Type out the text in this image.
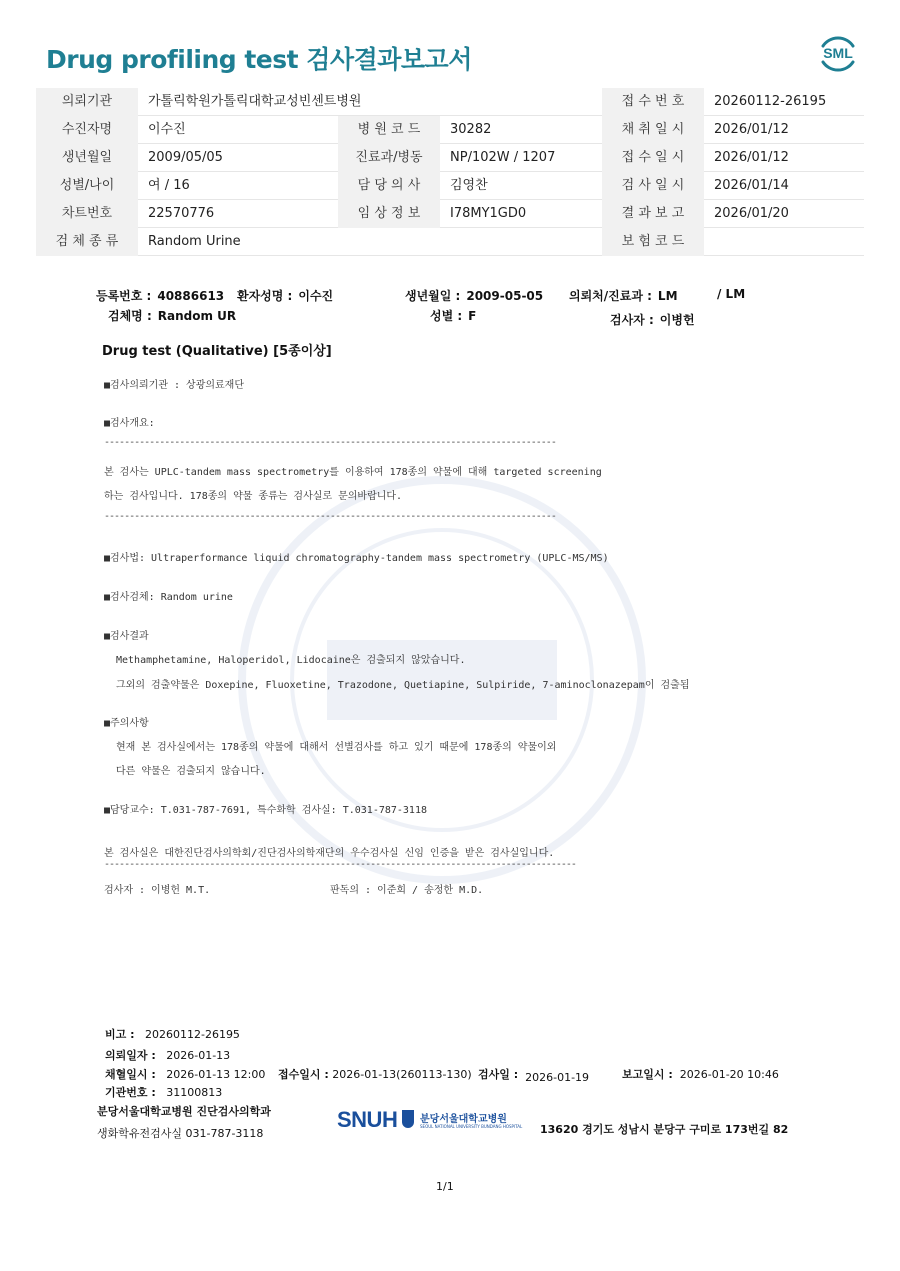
Drug profiling test 검사결과보고서	SML
의뢰기관	가톨릭학원가톨릭대학교성빈센트병원	접 수 번 호	20260112-26195
수진자명	이수진	병 원 코 드	30282	채 취 일 시	2026/01/12
생년월일	2009/05/05	진료과/병동	NP/102W / 1207	접 수 일 시	2026/01/12
성별/나이	여 / 16	담 당 의 사	김영찬	검 사 일 시	2026/01/14
차트번호	22570776	임 상 정 보	I78MY1GD0	결 과 보 고	2026/01/20
검 체 종 류	Random Urine	보 험 코 드
등록번호 : 40886613 환자성명 : 이수진	생년월일 : 2009-05-05 의뢰처/진료과 : LM	/ LM
검체명 : Random UR	성별 : F	검사자 : 이병헌
Drug test (Qualitative) [5종이상]
■검사의뢰기관 : 상광의료재단
■검사개요:
------------------------------------------------------------------------------------------
본 검사는 UPLC-tandem mass spectrometry를 이용하여 178종의 약물에 대해 targeted screening
하는 검사입니다. 178종의 약물 종류는 검사실로 문의바랍니다.
------------------------------------------------------------------------------------------
■검사법: Ultraperformance liquid chromatography-tandem mass spectrometry (UPLC-MS/MS)
■검사검체: Random urine
■검사결과
Methamphetamine, Haloperidol, Lidocaine은 검출되지 않았습니다.
그외의 검출약물은 Doxepine, Fluoxetine, Trazodone, Quetiapine, Sulpiride, 7-aminoclonazepam이 검출됨
■주의사항
현재 본 검사실에서는 178종의 약물에 대해서 선별검사를 하고 있기 때문에 178종의 약물이외
다른 약물은 검출되지 않습니다.
■담당교수: T.031-787-7691, 특수화학 검사실: T.031-787-3118
본 검사실은 대한진단검사의학회/진단검사의학재단의 우수검사실 신임 인증을 받은 검사실입니다.
----------------------------------------------------------------------------------------------
검사자 : 이병헌 M.T.	판독의 : 이준희 / 송정한 M.D.
비고 : 20260112-26195
의뢰일자 : 2026-01-13
채혈일시 : 2026-01-13 12:00 접수일시 : 2026-01-13(260113-130) 검사일 : 2026-01-19	보고일시 : 2026-01-20 10:46
기관번호 : 31100813
분당서울대학교병원 진단검사의학과
생화학유전검사실 031-787-3118
SNUH	분당서울대학교병원
SEOUL NATIONAL UNIVERSITY BUNDANG HOSPITAL 13620 경기도 성남시 분당구 구미로 173번길 82
1/1
